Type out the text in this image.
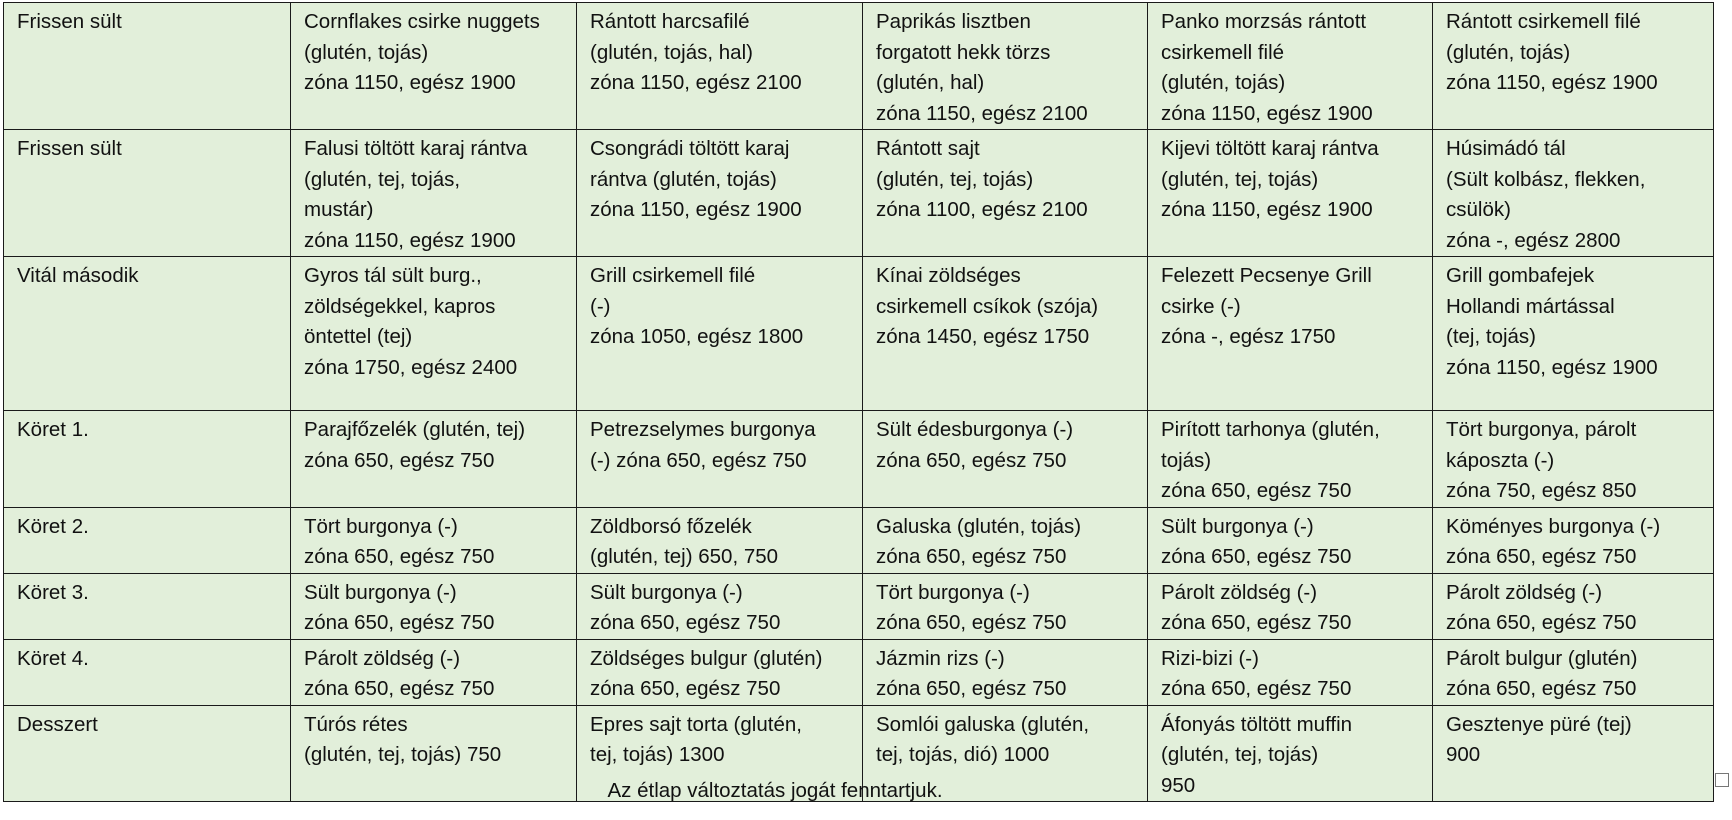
Frissen sült	Cornflakes csirke nuggets
(glutén, tojás)
zóna 1150, egész 1900	Rántott harcsafilé
(glutén, tojás, hal)
zóna 1150, egész 2100	Paprikás lisztben
forgatott hekk törzs
(glutén, hal)
zóna 1150, egész 2100	Panko morzsás rántott
csirkemell filé
(glutén, tojás)
zóna 1150, egész 1900	Rántott csirkemell filé
(glutén, tojás)
zóna 1150, egész 1900
Frissen sült	Falusi töltött karaj rántva
(glutén, tej, tojás,
mustár)
zóna 1150, egész 1900	Csongrádi töltött karaj
rántva (glutén, tojás)
zóna 1150, egész 1900	Rántott sajt
(glutén, tej, tojás)
zóna 1100, egész 2100	Kijevi töltött karaj rántva
(glutén, tej, tojás)
zóna 1150, egész 1900	Húsimádó tál
(Sült kolbász, flekken,
csülök)
zóna -, egész 2800
Vitál második	Gyros tál sült burg.,
zöldségekkel, kapros
öntettel (tej)
zóna 1750, egész 2400	Grill csirkemell filé
(-)
zóna 1050, egész 1800	Kínai zöldséges
csirkemell csíkok (szója)
zóna 1450, egész 1750	Felezett Pecsenye Grill
csirke (-)
zóna -, egész 1750	Grill gombafejek
Hollandi mártással
(tej, tojás)
zóna 1150, egész 1900
Köret 1.	Parajfőzelék (glutén, tej)
zóna 650, egész 750	Petrezselymes burgonya
(-) zóna 650, egész 750	Sült édesburgonya (-)
zóna 650, egész 750	Pirított tarhonya (glutén,
tojás)
zóna 650, egész 750	Tört burgonya, párolt
káposzta (-)
zóna 750, egész 850
Köret 2.	Tört burgonya (-)
zóna 650, egész 750	Zöldborsó főzelék
(glutén, tej) 650, 750	Galuska (glutén, tojás)
zóna 650, egész 750	Sült burgonya (-)
zóna 650, egész 750	Köményes burgonya (-)
zóna 650, egész 750
Köret 3.	Sült burgonya (-)
zóna 650, egész 750	Sült burgonya (-)
zóna 650, egész 750	Tört burgonya (-)
zóna 650, egész 750	Párolt zöldség (-)
zóna 650, egész 750	Párolt zöldség (-)
zóna 650, egész 750
Köret 4.	Párolt zöldség (-)
zóna 650, egész 750	Zöldséges bulgur (glutén)
zóna 650, egész 750	Jázmin rizs (-)
zóna 650, egész 750	Rizi-bizi (-)
zóna 650, egész 750	Párolt bulgur (glutén)
zóna 650, egész 750
Desszert	Túrós rétes
(glutén, tej, tojás) 750	Epres sajt torta (glutén,
tej, tojás) 1300	Somlói galuska (glutén,
tej, tojás, dió) 1000	Áfonyás töltött muffin
(glutén, tej, tojás)
950	Gesztenye püré (tej)
900

Az étlap változtatás jogát fenntartjuk.
